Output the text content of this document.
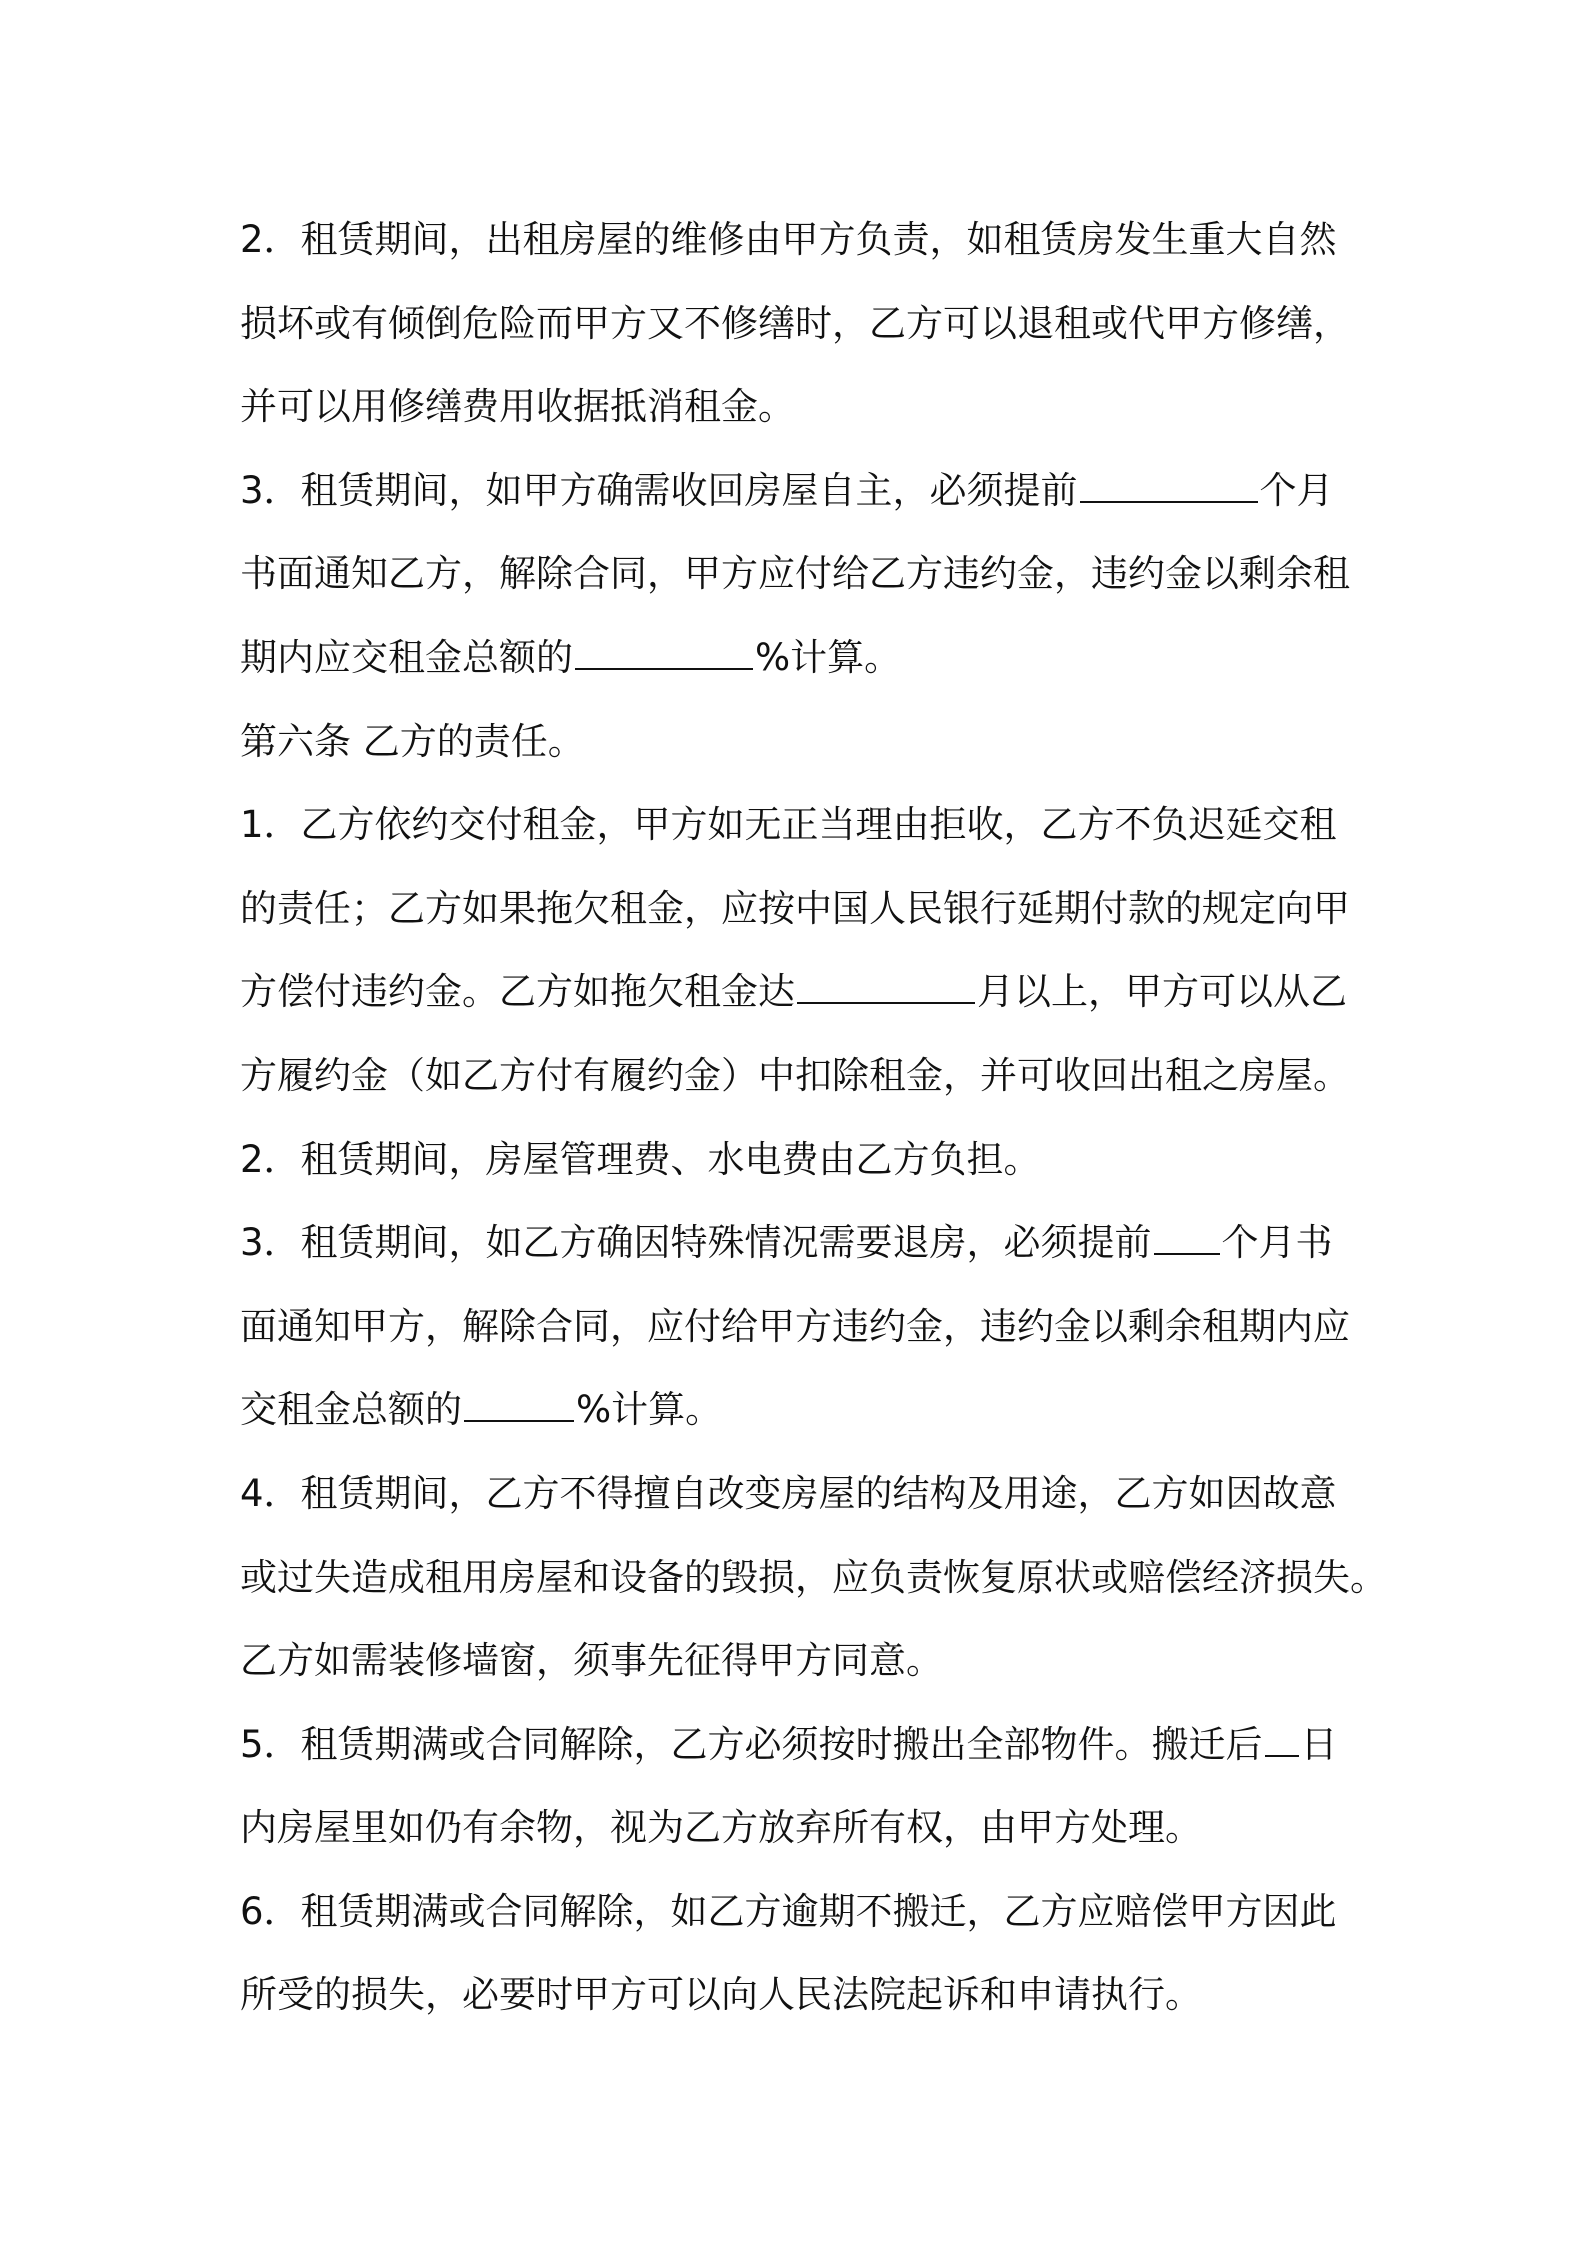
2．租赁期间，出租房屋的维修由甲方负责，如租赁房发生重大自然
损坏或有倾倒危险而甲方又不修缮时，乙方可以退租或代甲方修缮，
并可以用修缮费用收据抵消租金。
3．租赁期间，如甲方确需收回房屋自主，必须提前	个月
书面通知乙方，解除合同，甲方应付给乙方违约金，违约金以剩余租
期内应交租金总额的	%计算。
第六条 乙方的责任。
1．乙方依约交付租金，甲方如无正当理由拒收，乙方不负迟延交租
的责任；乙方如果拖欠租金，应按中国人民银行延期付款的规定向甲
方偿付违约金。乙方如拖欠租金达	月以上，甲方可以从乙
方履约金（如乙方付有履约金）中扣除租金，并可收回出租之房屋。
2．租赁期间，房屋管理费、水电费由乙方负担。
3．租赁期间，如乙方确因特殊情况需要退房，必须提前 个月书
面通知甲方，解除合同，应付给甲方违约金，违约金以剩余租期内应
交租金总额的	%计算。
4．租赁期间，乙方不得擅自改变房屋的结构及用途，乙方如因故意
或过失造成租用房屋和设备的毁损，应负责恢复原状或赔偿经济损失。
乙方如需装修墙窗，须事先征得甲方同意。
5．租赁期满或合同解除，乙方必须按时搬出全部物件。搬迁后 日
内房屋里如仍有余物，视为乙方放弃所有权，由甲方处理。
6．租赁期满或合同解除，如乙方逾期不搬迁，乙方应赔偿甲方因此
所受的损失，必要时甲方可以向人民法院起诉和申请执行。
